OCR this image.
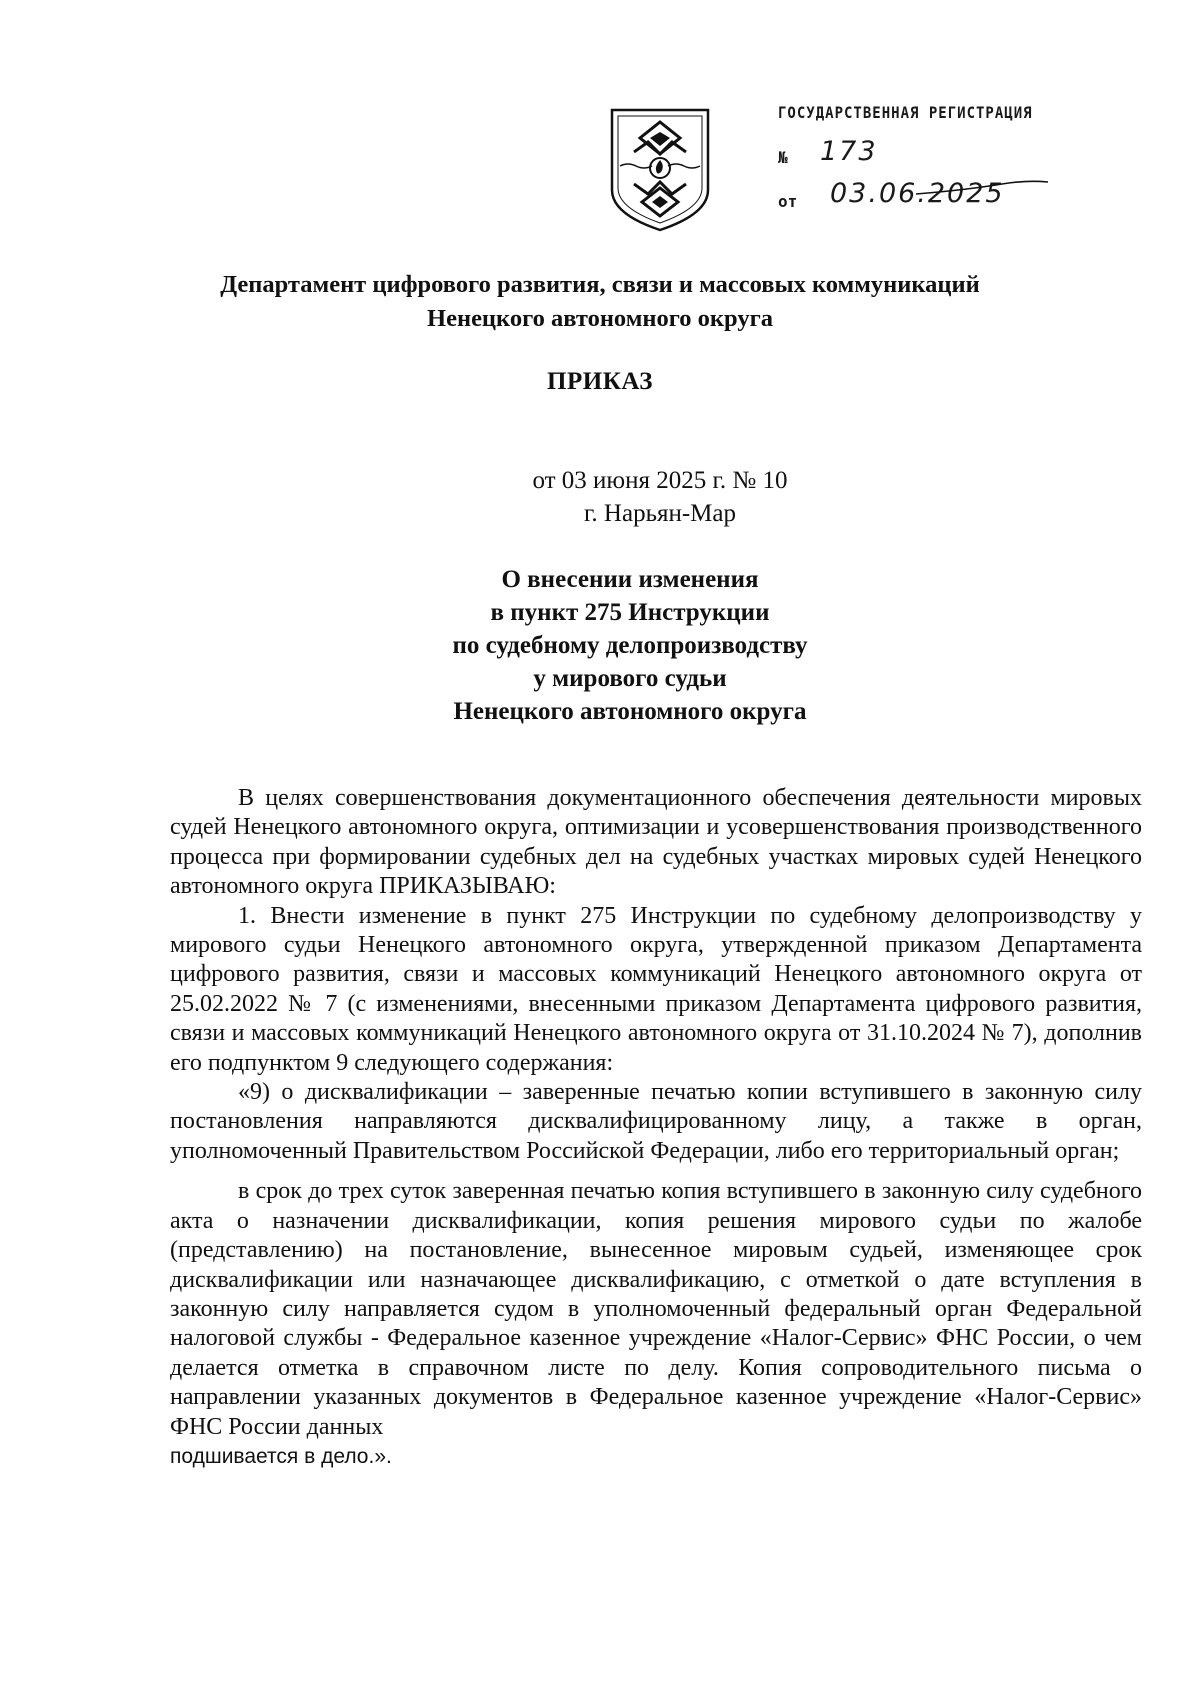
ГОСУДАРСТВЕННАЯ РЕГИСТРАЦИЯ
№ 173
от 03.06.2025
Департамент цифрового развития, связи и массовых коммуникаций
Ненецкого автономного округа
ПРИКАЗ
от 03 июня 2025 г. № 10
г. Нарьян-Мар
О внесении изменения
в пункт 275 Инструкции
по судебному делопроизводству
у мирового судьи
Ненецкого автономного округа

В целях совершенствования документационного обеспечения деятельности мировых судей Ненецкого автономного округа, оптимизации и усовершенствования производственного процесса при формировании судебных дел на судебных участках мировых судей Ненецкого автономного округа ПРИКАЗЫВАЮ:

1. Внести изменение в пункт 275 Инструкции по судебному делопроизводству у мирового судьи Ненецкого автономного округа, утвержденной приказом Департамента цифрового развития, связи и массовых коммуникаций Ненецкого автономного округа от 25.02.2022 № 7 (с изменениями, внесенными приказом Департамента цифрового развития, связи и массовых коммуникаций Ненецкого автономного округа от 31.10.2024 № 7), дополнив его подпунктом 9 следующего содержания:

«9) о дисквалификации – заверенные печатью копии вступившего в законную силу постановления направляются дисквалифицированному лицу, а также в орган, уполномоченный Правительством Российской Федерации, либо его территориальный орган;

в срок до трех суток заверенная печатью копия вступившего в законную силу судебного акта о назначении дисквалификации, копия решения мирового судьи по жалобе (представлению) на постановление, вынесенное мировым судьей, изменяющее срок дисквалификации или назначающее дисквалификацию, с отметкой о дате вступления в законную силу направляется судом в уполномоченный федеральный орган Федеральной налоговой службы - Федеральное казенное учреждение «Налог-Сервис» ФНС России, о чем делается отметка в справочном листе по делу. Копия сопроводительного письма о направлении указанных документов в Федеральное казенное учреждение «Налог-Сервис» ФНС России данных

подшивается в дело.».
